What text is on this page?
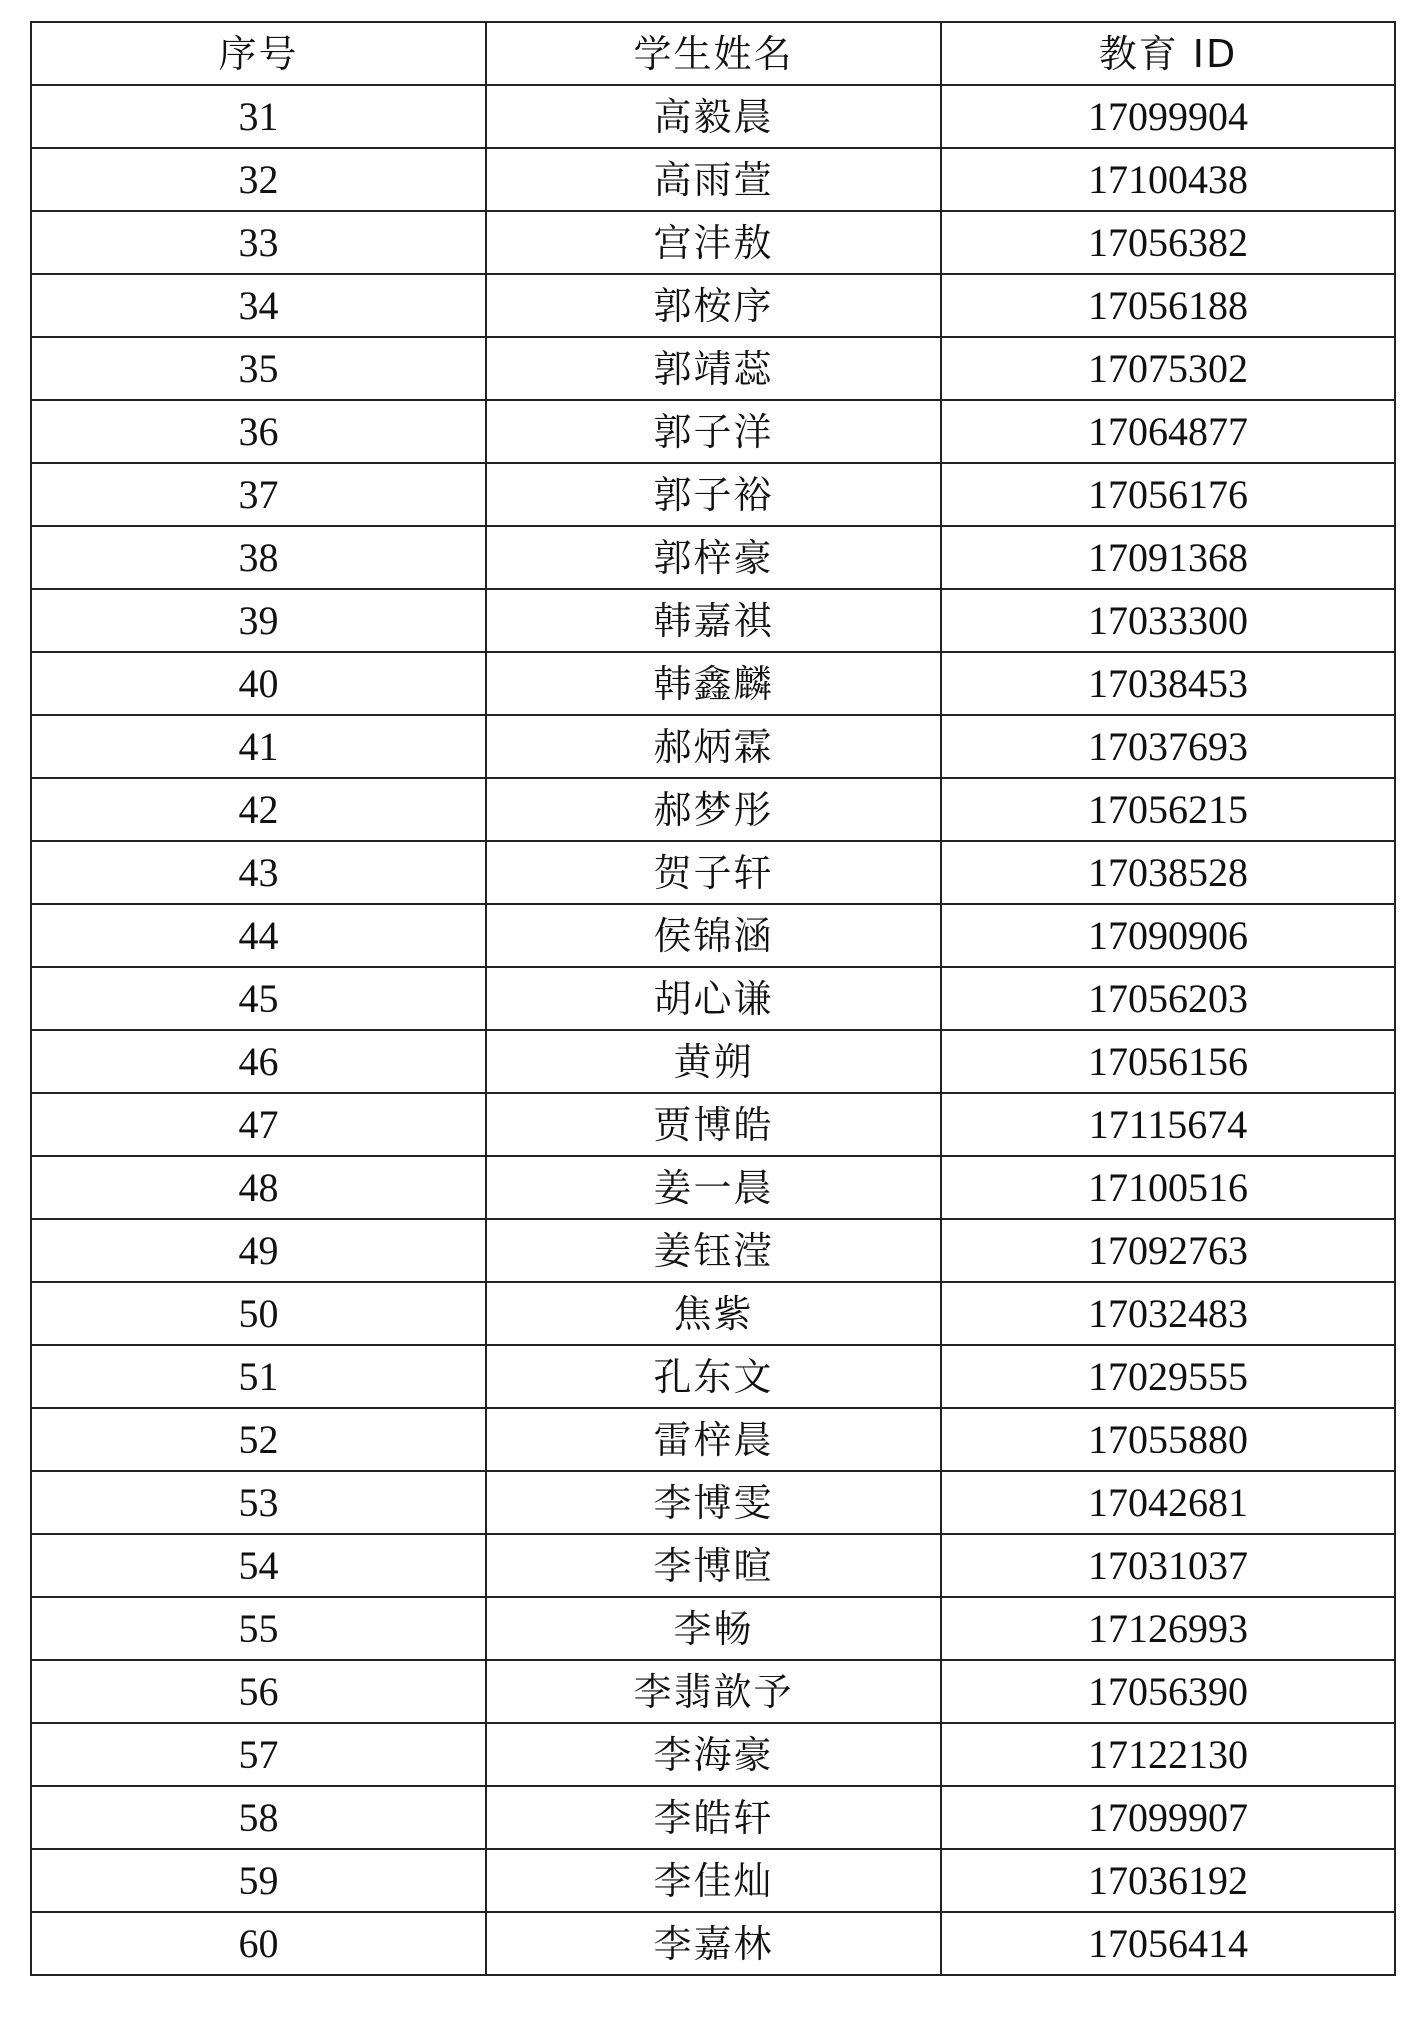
序号	学生姓名	教育 ID
31	高毅晨	17099904
32	高雨萱	17100438
33	宫沣敖	17056382
34	郭桉序	17056188
35	郭靖蕊	17075302
36	郭子洋	17064877
37	郭子裕	17056176
38	郭梓豪	17091368
39	韩嘉祺	17033300
40	韩鑫麟	17038453
41	郝炳霖	17037693
42	郝梦彤	17056215
43	贺子轩	17038528
44	侯锦涵	17090906
45	胡心谦	17056203
46	黄朔	17056156
47	贾博皓	17115674
48	姜一晨	17100516
49	姜钰滢	17092763
50	焦紫	17032483
51	孔东文	17029555
52	雷梓晨	17055880
53	李博雯	17042681
54	李博暄	17031037
55	李畅	17126993
56	李翡歆予	17056390
57	李海豪	17122130
58	李皓轩	17099907
59	李佳灿	17036192
60	李嘉林	17056414
